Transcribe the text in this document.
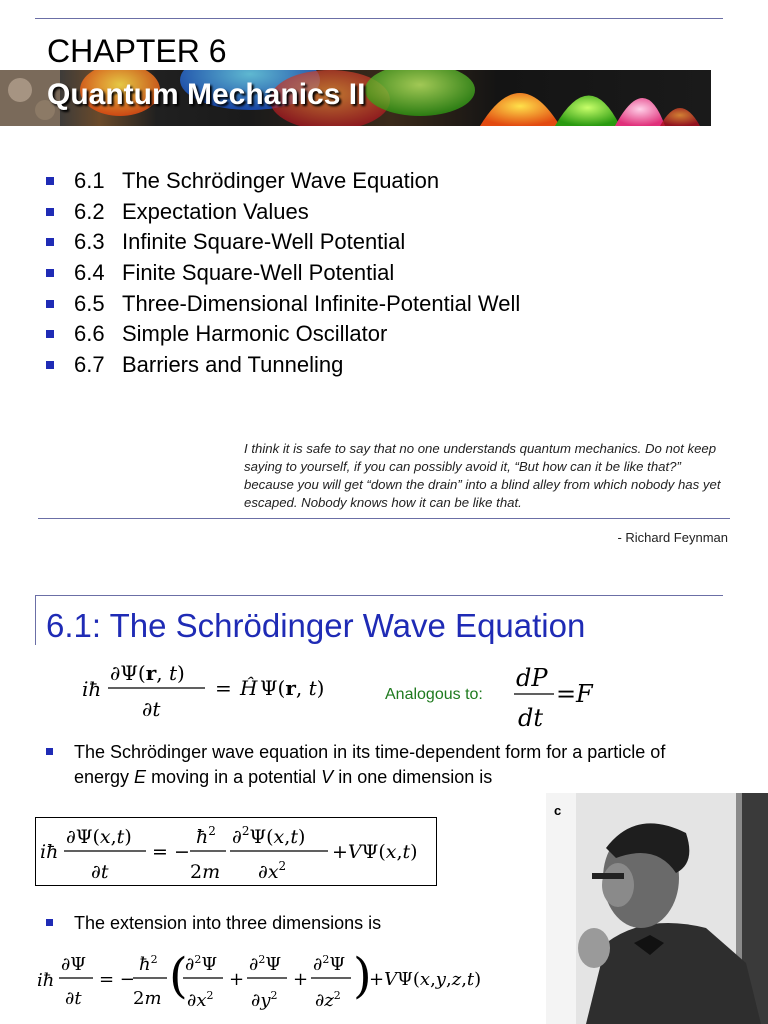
CHAPTER 6
Quantum Mechanics II
6.1 The Schrödinger Wave Equation
6.2 Expectation Values
6.3 Infinite Square-Well Potential
6.4 Finite Square-Well Potential
6.5 Three-Dimensional Infinite-Potential Well
6.6 Simple Harmonic Oscillator
6.7 Barriers and Tunneling
I think it is safe to say that no one understands quantum mechanics. Do not keep saying to yourself, if you can possibly avoid it, “But how can it be like that?” because you will get “down the drain” into a blind alley from which nobody has yet escaped. Nobody knows how it can be like that.
- Richard Feynman
6.1: The Schrödinger Wave Equation
iħ
∂Ψ(r, t)
∂t
= Ĥ Ψ(r, t)	Analogous to:
dP
dt
= F
The Schrödinger wave equation in its time-dependent form for a particle of energy E moving in a potential V in one dimension is
iħ
∂Ψ(x,t)
∂t
= −
$ħ^2$
2m
∂$^2$Ψ(x,t)
$\partial x^2$
+VΨ(x,t)
The extension into three dimensions is
iħ
∂Ψ
∂t
= −
$ħ^2$
2m (
∂$^2$Ψ
$\partial x^2$
+
∂$^2$Ψ
$\partial y^2$
+
∂$^2$Ψ
$\partial z^2$ )
+VΨ(x,y,z,t)
c
